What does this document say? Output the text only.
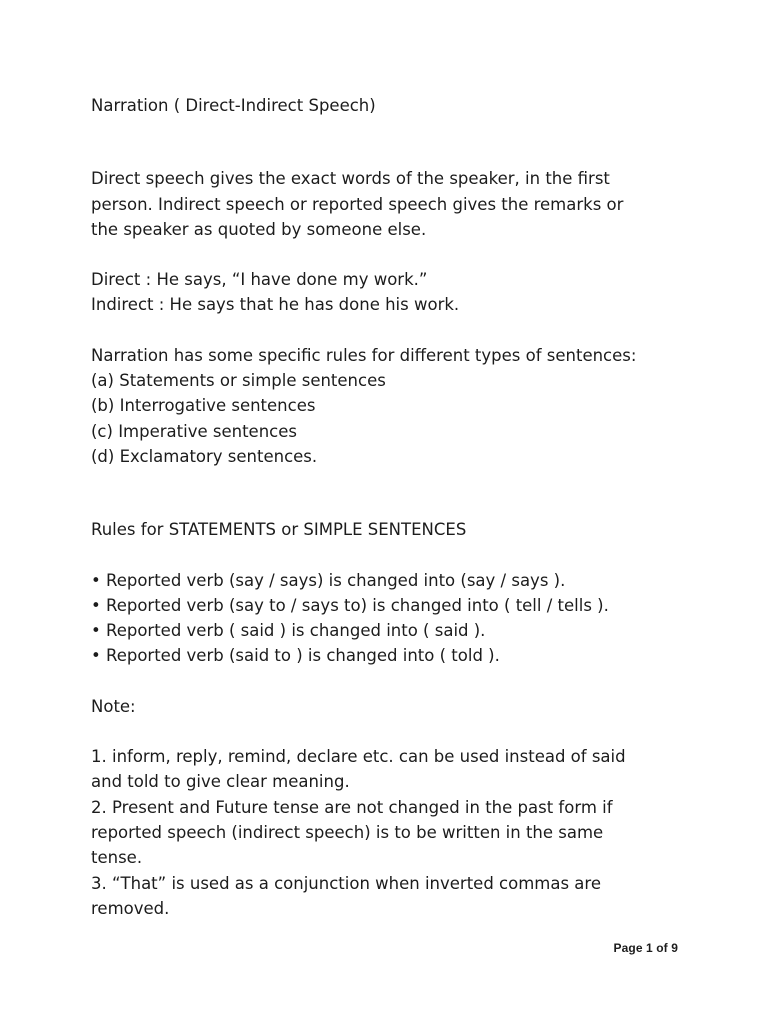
Narration ( Direct-Indirect Speech)
Direct speech gives the exact words of the speaker, in the first
person. Indirect speech or reported speech gives the remarks or
the speaker as quoted by someone else.
Direct : He says, “I have done my work.”
Indirect : He says that he has done his work.
Narration has some specific rules for different types of sentences:
(a) Statements or simple sentences
(b) Interrogative sentences
(c) Imperative sentences
(d) Exclamatory sentences.
Rules for STATEMENTS or SIMPLE SENTENCES
• Reported verb (say / says) is changed into (say / says ).
• Reported verb (say to / says to) is changed into ( tell / tells ).
• Reported verb ( said ) is changed into ( said ).
• Reported verb (said to ) is changed into ( told ).
Note:
1. inform, reply, remind, declare etc. can be used instead of said
and told to give clear meaning.
2. Present and Future tense are not changed in the past form if
reported speech (indirect speech) is to be written in the same
tense.
3. “That” is used as a conjunction when inverted commas are
removed.
Page 1 of 9
